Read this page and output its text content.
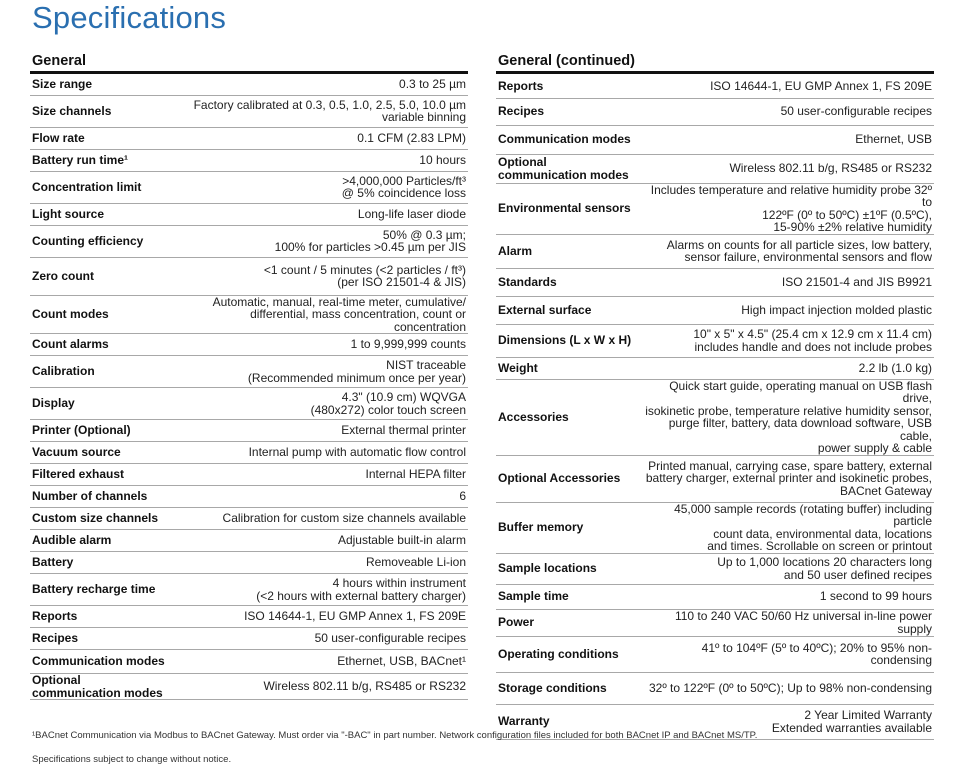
Specifications
General
Size range	0.3 to 25 µm
Size channels	Factory calibrated at 0.3, 0.5, 1.0, 2.5, 5.0, 10.0 µm
variable binning
Flow rate	0.1 CFM (2.83 LPM)
Battery run time¹	10 hours
Concentration limit	>4,000,000 Particles/ft³
@ 5% coincidence loss
Light source	Long-life laser diode
Counting efficiency	50% @ 0.3 µm;
100% for particles >0.45 µm per JIS
Zero count	<1 count / 5 minutes (<2 particles / ft³)
(per ISO 21501-4 & JIS)
Count modes	Automatic, manual, real-time meter, cumulative/
differential, mass concentration, count or concentration
Count alarms	1 to 9,999,999 counts
Calibration	NIST traceable
(Recommended minimum once per year)
Display	4.3" (10.9 cm) WQVGA
(480x272) color touch screen
Printer (Optional)	External thermal printer
Vacuum source	Internal pump with automatic flow control
Filtered exhaust	Internal HEPA filter
Number of channels	6
Custom size channels	Calibration for custom size channels available
Audible alarm	Adjustable built-in alarm
Battery	Removeable Li-ion
Battery recharge time	4 hours within instrument
(<2 hours with external battery charger)
Reports	ISO 14644-1, EU GMP Annex 1, FS 209E
Recipes	50 user-configurable recipes
Communication modes	Ethernet, USB, BACnet¹
Optional communication modes	Wireless 802.11 b/g, RS485 or RS232
General (continued)
Reports	ISO 14644-1, EU GMP Annex 1, FS 209E
Recipes	50 user-configurable recipes
Communication modes	Ethernet, USB
Optional communication modes	Wireless 802.11 b/g, RS485 or RS232
Environmental sensors	Includes temperature and relative humidity probe 32º to
122ºF (0º to 50ºC) ±1ºF (0.5ºC),
15-90% ±2% relative humidity
Alarm	Alarms on counts for all particle sizes, low battery,
sensor failure, environmental sensors and flow
Standards	ISO 21501-4 and JIS B9921
External surface	High impact injection molded plastic
Dimensions (L x W x H)	10" x 5" x 4.5" (25.4 cm x 12.9 cm x 11.4 cm)
includes handle and does not include probes
Weight	2.2 lb (1.0 kg)
Accessories	Quick start guide, operating manual on USB flash drive,
isokinetic probe, temperature relative humidity sensor,
purge filter, battery, data download software, USB cable,
power supply & cable
Optional Accessories	Printed manual, carrying case, spare battery, external
battery charger, external printer and isokinetic probes,
BACnet Gateway
Buffer memory	45,000 sample records (rotating buffer) including particle
count data, environmental data, locations
and times. Scrollable on screen or printout
Sample locations	Up to 1,000 locations 20 characters long
and 50 user defined recipes
Sample time	1 second to 99 hours
Power	110 to 240 VAC 50/60 Hz universal in-line power supply
Operating conditions	41º to 104ºF (5º to 40ºC); 20% to 95% non-condensing
Storage conditions	32º to 122ºF (0º to 50ºC); Up to 98% non-condensing
Warranty	2 Year Limited Warranty
Extended warranties available
¹BACnet Communication via Modbus to BACnet Gateway. Must order via "-BAC" in part number. Network configuration files included for both BACnet IP and BACnet MS/TP.
Specifications subject to change without notice.
